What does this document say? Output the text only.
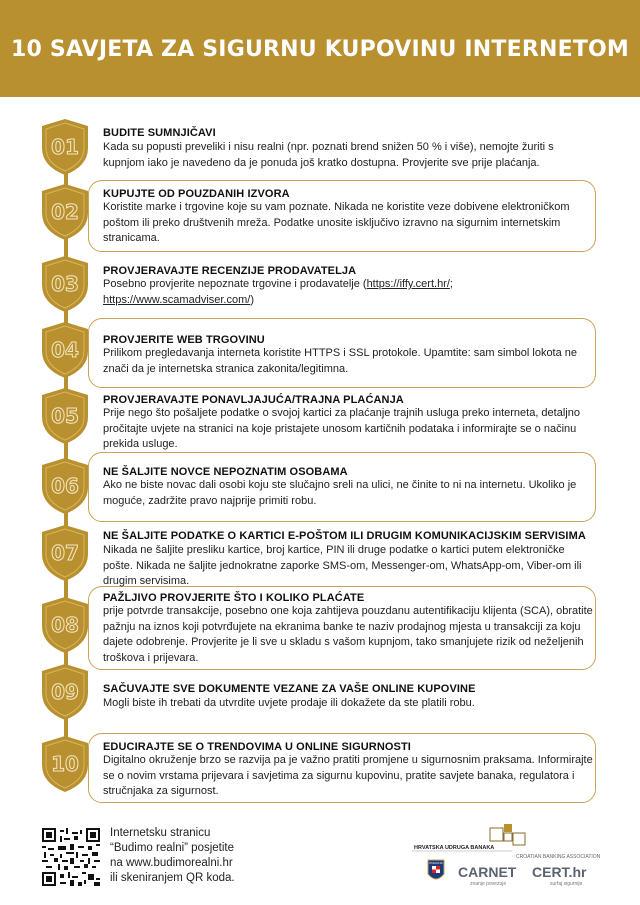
10 SAVJETA ZA SIGURNU KUPOVINU INTERNETOM
01
02
03
04
05
06
07
08
09
10
BUDITE SUMNJIČAVI
Kada su popusti preveliki i nisu realni (npr. poznati brend snižen 50 % i više), nemojte žuriti s kupnjom iako je navedeno da je ponuda još kratko dostupna. Provjerite sve prije plaćanja.
KUPUJTE OD POUZDANIH IZVORA
Koristite marke i trgovine koje su vam poznate. Nikada ne koristite veze dobivene elektroničkom poštom ili preko društvenih mreža. Podatke unosite isključivo izravno na sigurnim internetskim stranicama.
PROVJERAVAJTE RECENZIJE PRODAVATELJA
Posebno provjerite nepoznate trgovine i prodavatelje (https://iffy.cert.hr/;
https://www.scamadviser.com/)
PROVJERITE WEB TRGOVINU
Prilikom pregledavanja interneta koristite HTTPS i SSL protokole. Upamtite: sam simbol lokota ne znači da je internetska stranica zakonita/legitimna.
PROVJERAVAJTE PONAVLJAJUĆA/TRAJNA PLAĆANJA
Prije nego što pošaljete podatke o svojoj kartici za plaćanje trajnih usluga preko interneta, detaljno pročitajte uvjete na stranici na koje pristajete unosom kartičnih podataka i informirajte se o načinu prekida usluge.
NE ŠALJITE NOVCE NEPOZNATIM OSOBAMA
Ako ne biste novac dali osobi koju ste slučajno sreli na ulici, ne činite to ni na internetu. Ukoliko je moguće, zadržite pravo najprije primiti robu.
NE ŠALJITE PODATKE O KARTICI E-POŠTOM ILI DRUGIM KOMUNIKACIJSKIM SERVISIMA
Nikada ne šaljite presliku kartice, broj kartice, PIN ili druge podatke o kartici putem elektroničke pošte. Nikada ne šaljite jednokratne zaporke SMS-om, Messenger-om, WhatsApp-om, Viber-om ili drugim servisima.
PAŽLJIVO PROVJERITE ŠTO I KOLIKO PLAĆATE
prije potvrde transakcije, posebno one koja zahtijeva pouzdanu autentifikaciju klijenta (SCA), obratite pažnju na iznos koji potvrđujete na ekranima banke te naziv prodajnog mjesta u transakciji za koju dajete odobrenje. Provjerite je li sve u skladu s vašom kupnjom, tako smanjujete rizik od neželjenih troškova i prijevara.
SAČUVAJTE SVE DOKUMENTE VEZANE ZA VAŠE ONLINE KUPOVINE
Mogli biste ih trebati da utvrdite uvjete prodaje ili dokažete da ste platili robu.
EDUCIRAJTE SE O TRENDOVIMA U ONLINE SIGURNOSTI
Digitalno okruženje brzo se razvija pa je važno pratiti promjene u sigurnosnim praksama. Informirajte se o novim vrstama prijevara i savjetima za sigurnu kupovinu, pratite savjete banaka, regulatora i stručnjaka za sigurnost.
Internetsku stranicu
“Budimo realni” posjetite
na www.budimorealni.hr
ili skeniranjem QR koda.
HRVATSKA UDRUGA BANAKA
CROATIAN BANKING ASSOCIATION
POLICIJA
CARNET
znanje povezuje
CERT.hr
surfaj sigurnije
